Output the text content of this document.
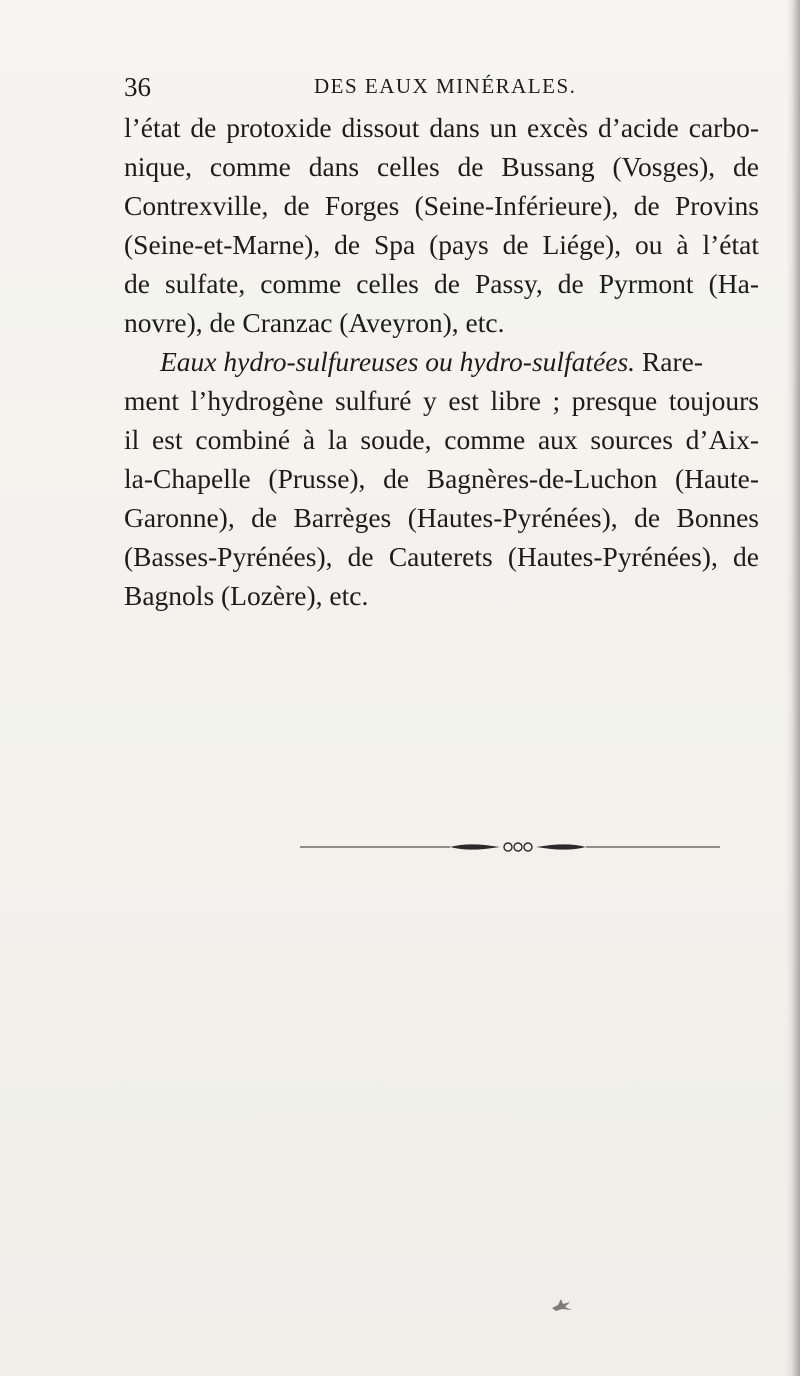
36	DES EAUX MINÉRALES.
l’état de protoxide dissout dans un excès d’acide carbo-
nique, comme dans celles de Bussang (Vosges), de
Contrexville, de Forges (Seine-Inférieure), de Provins
(Seine-et-Marne), de Spa (pays de Liége), ou à l’état
de sulfate, comme celles de Passy, de Pyrmont (Ha-
novre), de Cranzac (Aveyron), etc.
Eaux hydro-sulfureuses ou hydro-sulfatées. Rare-
ment l’hydrogène sulfuré y est libre ; presque toujours
il est combiné à la soude, comme aux sources d’Aix-
la-Chapelle (Prusse), de Bagnères-de-Luchon (Haute-
Garonne), de Barrèges (Hautes-Pyrénées), de Bonnes
(Basses-Pyrénées), de Cauterets (Hautes-Pyrénées), de
Bagnols (Lozère), etc.
